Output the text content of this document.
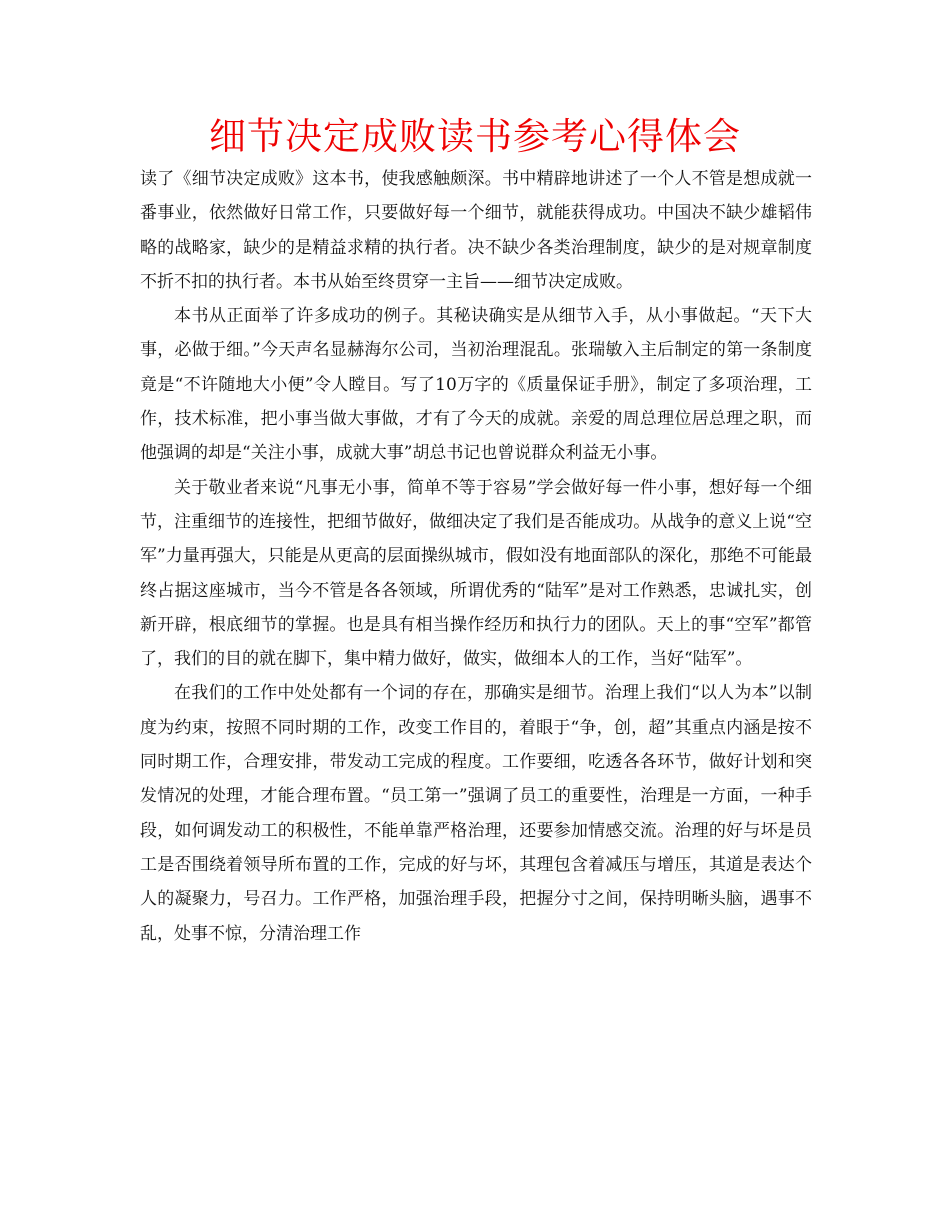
细节决定成败读书参考心得体会

读了《细节决定成败》这本书，使我感触颇深。书中精辟地讲述了一个人不管是想成就一番事业，依然做好日常工作，只要做好每一个细节，就能获得成功。中国决不缺少雄韬伟略的战略家，缺少的是精益求精的执行者。决不缺少各类治理制度，缺少的是对规章制度不折不扣的执行者。本书从始至终贯穿一主旨——细节决定成败。

本书从正面举了许多成功的例子。其秘诀确实是从细节入手，从小事做起。“天下大事，必做于细。”今天声名显赫海尔公司，当初治理混乱。张瑞敏入主后制定的第一条制度竟是“不许随地大小便”令人瞠目。写了10万字的《质量保证手册》，制定了多项治理，工作，技术标准，把小事当做大事做，才有了今天的成就。亲爱的周总理位居总理之职，而他强调的却是“关注小事，成就大事”胡总书记也曾说群众利益无小事。

关于敬业者来说“凡事无小事，简单不等于容易”学会做好每一件小事，想好每一个细节，注重细节的连接性，把细节做好，做细决定了我们是否能成功。从战争的意义上说“空军”力量再强大，只能是从更高的层面操纵城市，假如没有地面部队的深化，那绝不可能最终占据这座城市，当今不管是各各领域，所谓优秀的“陆军”是对工作熟悉，忠诚扎实，创新开辟，根底细节的掌握。也是具有相当操作经历和执行力的团队。天上的事“空军”都管了，我们的目的就在脚下，集中精力做好，做实，做细本人的工作，当好“陆军”。

在我们的工作中处处都有一个词的存在，那确实是细节。治理上我们“以人为本”以制度为约束，按照不同时期的工作，改变工作目的，着眼于“争，创，超”其重点内涵是按不同时期工作，合理安排，带发动工完成的程度。工作要细，吃透各各环节，做好计划和突发情况的处理，才能合理布置。“员工第一”强调了员工的重要性，治理是一方面，一种手段，如何调发动工的积极性，不能单靠严格治理，还要参加情感交流。治理的好与坏是员工是否围绕着领导所布置的工作，完成的好与坏，其理包含着减压与增压，其道是表达个人的凝聚力，号召力。工作严格，加强治理手段，把握分寸之间，保持明晰头脑，遇事不乱，处事不惊，分清治理工作
